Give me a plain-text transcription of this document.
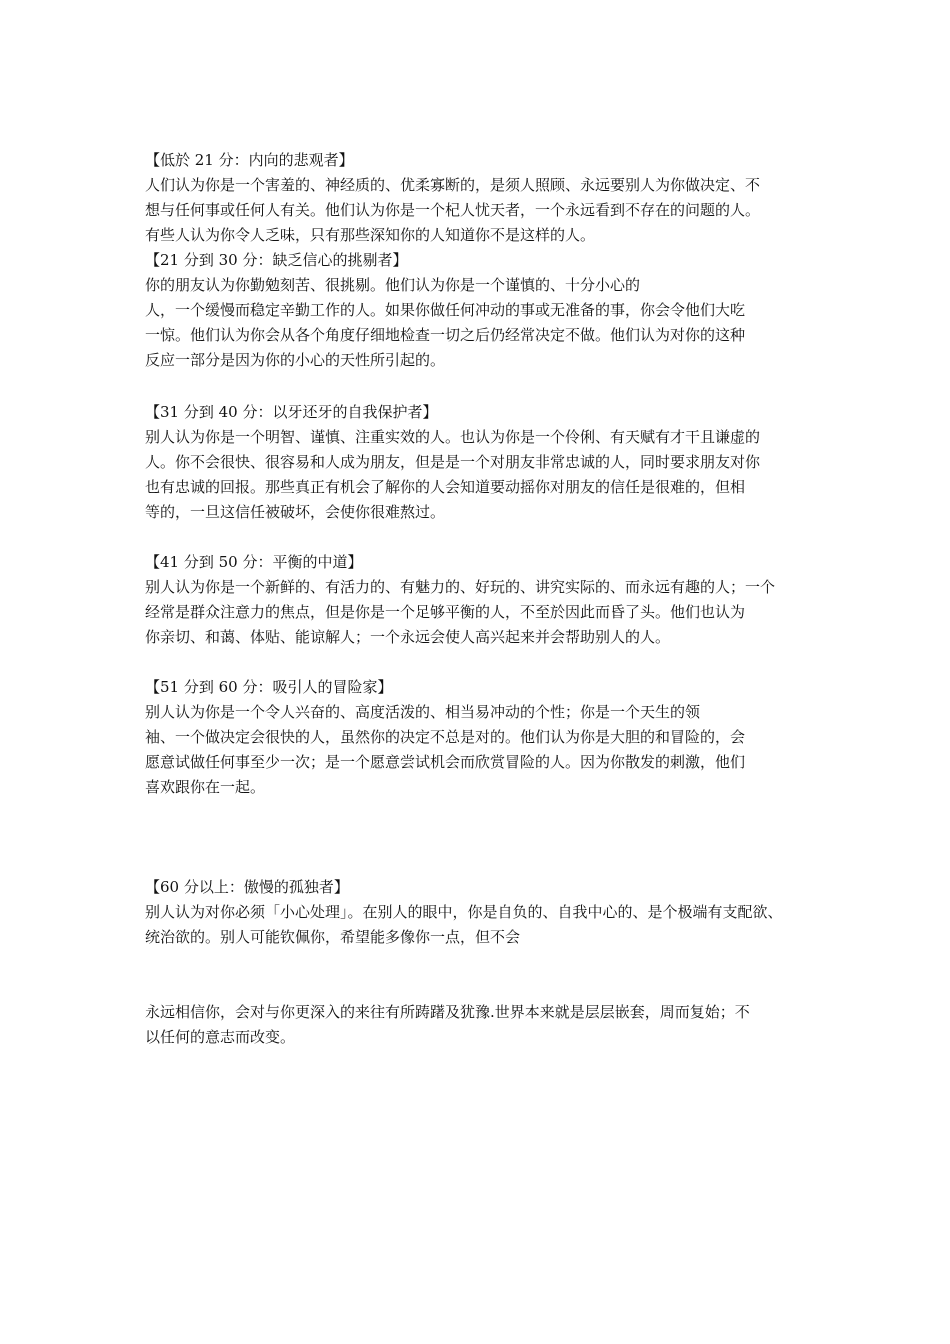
【低於 21 分：内向的悲观者】
人们认为你是一个害羞的、神经质的、优柔寡断的，是须人照顾、永远要别人为你做决定、不
想与任何事或任何人有关。他们认为你是一个杞人忧天者，一个永远看到不存在的问题的人。
有些人认为你令人乏味，只有那些深知你的人知道你不是这样的人。
【21 分到 30 分：缺乏信心的挑剔者】
你的朋友认为你勤勉刻苦、很挑剔。他们认为你是一个谨慎的、十分小心的
人，一个缓慢而稳定辛勤工作的人。如果你做任何冲动的事或无准备的事，你会令他们大吃
一惊。他们认为你会从各个角度仔细地检查一切之后仍经常决定不做。他们认为对你的这种
反应一部分是因为你的小心的天性所引起的。
【31 分到 40 分：以牙还牙的自我保护者】
别人认为你是一个明智、谨慎、注重实效的人。也认为你是一个伶俐、有天赋有才干且谦虚的
人。你不会很快、很容易和人成为朋友，但是是一个对朋友非常忠诚的人，同时要求朋友对你
也有忠诚的回报。那些真正有机会了解你的人会知道要动摇你对朋友的信任是很难的，但相
等的，一旦这信任被破坏，会使你很难熬过。
【41 分到 50 分：平衡的中道】
别人认为你是一个新鲜的、有活力的、有魅力的、好玩的、讲究实际的、而永远有趣的人；一个
经常是群众注意力的焦点，但是你是一个足够平衡的人，不至於因此而昏了头。他们也认为
你亲切、和蔼、体贴、能谅解人；一个永远会使人高兴起来并会帮助别人的人。
【51 分到 60 分：吸引人的冒险家】
别人认为你是一个令人兴奋的、高度活泼的、相当易冲动的个性；你是一个天生的领
袖、一个做决定会很快的人，虽然你的决定不总是对的。他们认为你是大胆的和冒险的，会
愿意试做任何事至少一次；是一个愿意尝试机会而欣赏冒险的人。因为你散发的刺激，他们
喜欢跟你在一起。
【60 分以上：傲慢的孤独者】
别人认为对你必须「小心处理」。在别人的眼中，你是自负的、自我中心的、是个极端有支配欲、
统治欲的。别人可能钦佩你，希望能多像你一点，但不会
永远相信你，会对与你更深入的来往有所踌躇及犹豫.世界本来就是层层嵌套，周而复始；不
以任何的意志而改变。
